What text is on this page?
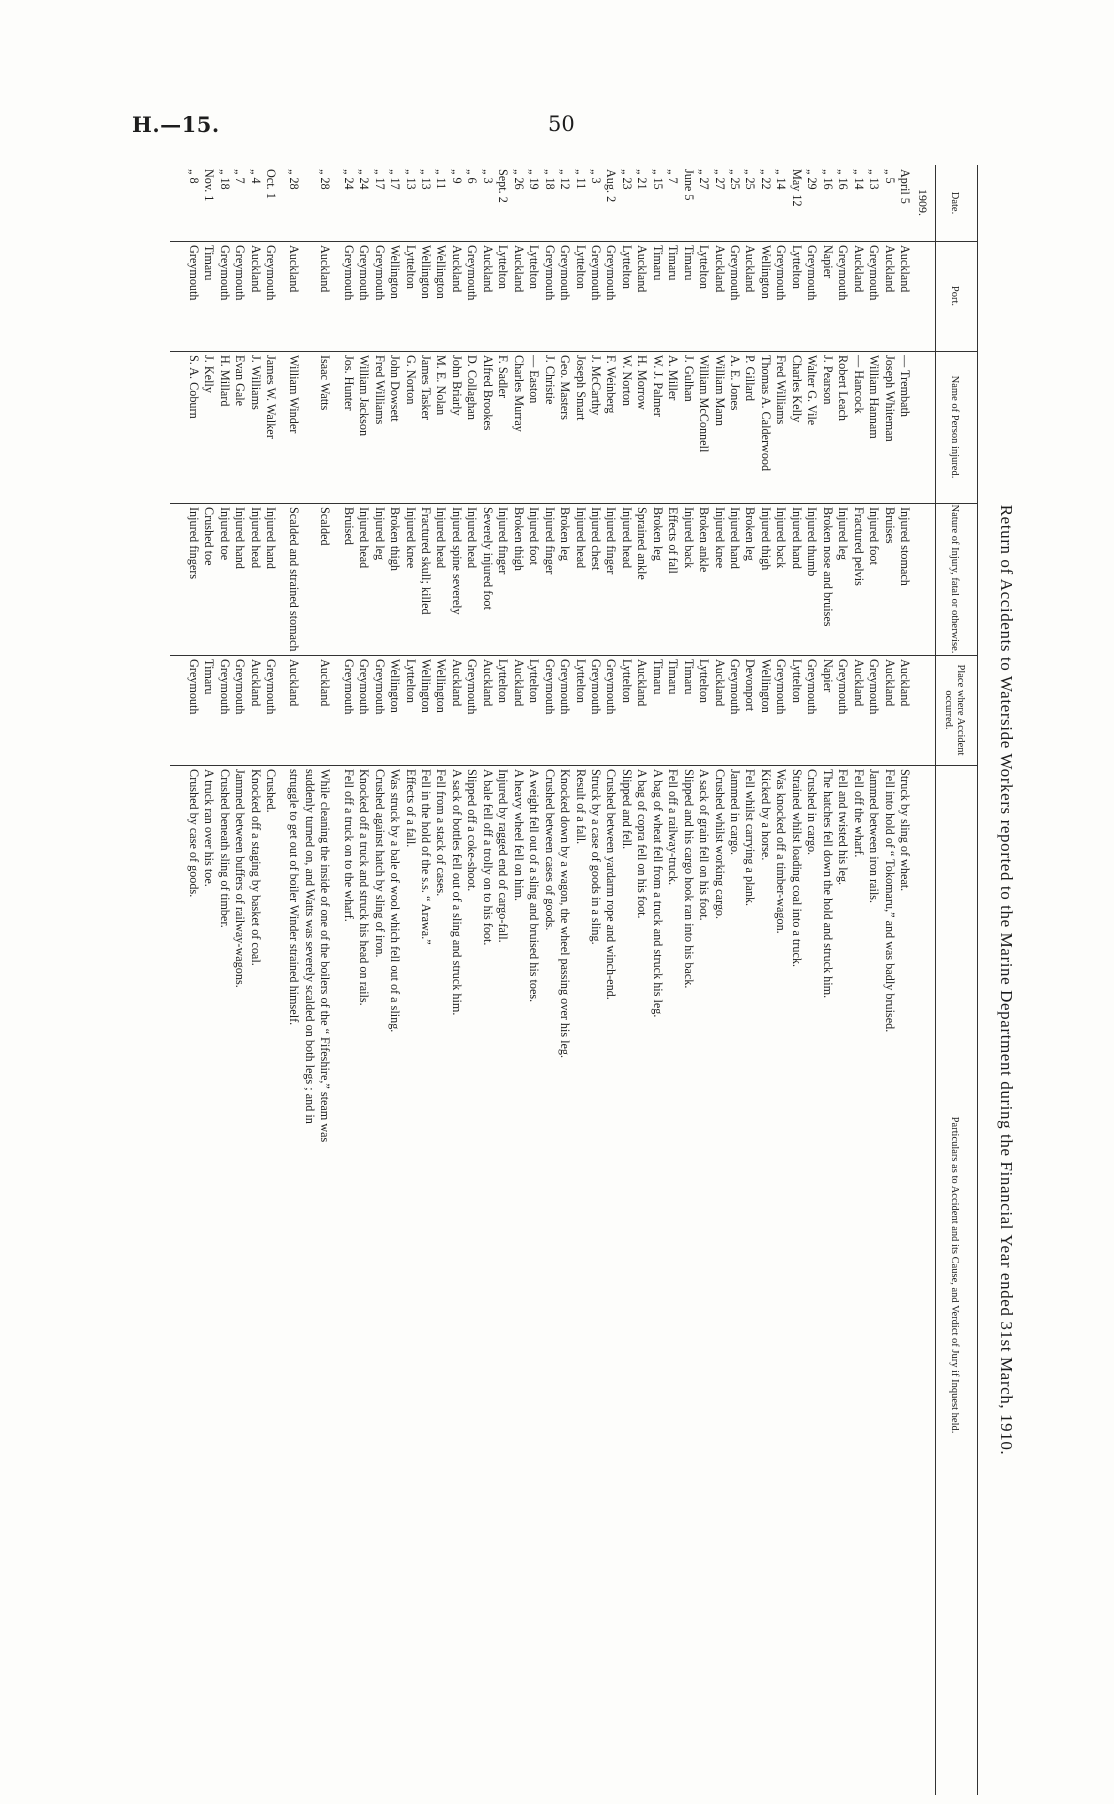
H.—15.	50
Return of Accidents to Waterside Workers reported to the Marine Department during the Financial Year ended 31st March, 1910.
Date.
Port.
Name of Person injured.
Nature of Injury, fatal or otherwise.
Place where Accident occurred.
Particulars as to Accident and its Cause, and Verdict of Jury if Inquest held.
1909.
April 5
Auckland
— Trembath
Injured stomach
Auckland
Struck by sling of wheat.
„ 5
Auckland
Joseph Whiteman
Bruises
Auckland
Fell into hold of “ Tokomaru,” and was badly bruised.
„ 13
Greymouth
William Hannam
Injured foot
Greymouth
Jammed between iron rails.
„ 14
Auckland
— Hancock
Fractured pelvis
Auckland
Fell off the wharf.
„ 16
Greymouth
Robert Leach
Injured leg
Greymouth
Fell and twisted his leg.
„ 16
Napier
J. Pearson
Broken nose and bruises
Napier
The hatches fell down the hold and struck him.
„ 29
Greymouth
Walter G. Vile
Injured thumb
Greymouth
Crushed in cargo.
May 12
Lyttelton
Charles Kelly
Injured hand
Lyttelton
Strained whilst loading coal into a truck.
„ 14
Greymouth
Fred Williams
Injured back
Greymouth
Was knocked off a timber-wagon.
„ 22
Wellington
Thomas A. Calderwood
Injured thigh
Wellington
Kicked by a horse.
„ 25
Auckland
P. Gillard
Broken leg
Devonport
Fell whilst carrying a plank.
„ 25
Greymouth
A. E. Jones
Injured hand
Greymouth
Jammed in cargo.
„ 27
Auckland
William Mann
Injured knee
Auckland
Crushed whilst working cargo.
„ 27
Lyttelton
William McConnell
Broken ankle
Lyttelton
A sack of grain fell on his foot.
June 5
Timaru
J. Gulhan
Injured back
Timaru
Slipped and his cargo hook ran into his back.
„ 7
Timaru
A. Miller
Effects of fall
Timaru
Fell off a railway-truck.
„ 15
Timaru
W. J. Palmer
Broken leg
Timaru
A bag of wheat fell from a truck and struck his leg.
„ 21
Auckland
H. Morrow
Sprained ankle
Auckland
A bag of copra fell on his foot.
„ 23
Lyttelton
W. Norton
Injured head
Lyttelton
Slipped and fell.
Aug. 2
Greymouth
F. Weinberg
Injured finger
Greymouth
Crushed between yardarm rope and winch-end.
„ 3
Greymouth
J. McCarthy
Injured chest
Greymouth
Struck by a case of goods in a sling.
„ 11
Lyttelton
Joseph Smart
Injured head
Lyttelton
Result of a fall.
„ 12
Greymouth
Geo. Masters
Broken leg
Greymouth
Knocked down by a wagon, the wheel passing over his leg.
„ 18
Greymouth
J. Christie
Injured finger
Greymouth
Crushed between cases of goods.
„ 19
Lyttelton
— Easton
Injured foot
Lyttelton
A weight fell out of a sling and bruised his toes.
„ 26
Auckland
Charles Murray
Broken thigh
Auckland
A heavy wheel fell on him.
Sept. 2
Lyttelton
F. Sadler
Injured finger
Lyttelton
Injured by ragged end of cargo-fall.
„ 3
Auckland
Alfred Brookes
Severely injured foot
Auckland
A bale fell off a trolly on to his foot.
„ 6
Greymouth
D. Collaghan
Injured head
Greymouth
Slipped off a coke-shoot.
„ 9
Auckland
John Briarly
Injured spine severely
Auckland
A sack of bottles fell out of a sling and struck him.
„ 11
Wellington
M. E. Nolan
Injured head
Wellington
Fell from a stack of cases.
„ 13
Wellington
James Tasker
Fractured skull; killed
Wellington
Fell in the hold of the s.s. “ Arawa.”
„ 13
Lyttelton
G. Norton
Injured knee
Lyttelton
Effects of a fall.
„ 17
Wellington
John Dowsett
Broken thigh
Wellington
Was struck by a bale of wool which fell out of a sling.
„ 17
Greymouth
Fred Williams
Injured leg
Greymouth
Crushed against hatch by sling of iron.
„ 24
Greymouth
William Jackson
Injured head
Greymouth
Knocked off a truck and struck his head on rails.
„ 24
Greymouth
Jos. Hunter
Bruised
Greymouth
Fell off a truck on to the wharf.
„ 28
Auckland
Isaac Watts
Scalded
Auckland
While cleaning the inside of one of the boilers of the “ Fifeshire,” steam was
suddenly turned on, and Watts was severely scalded on both legs ; and in
„ 28
Auckland
William Winder
Scalded and strained stomach
Auckland
struggle to get out of boiler Winder strained himself.
Oct. 1
Greymouth
James W. Walker
Injured hand
Greymouth
Crushed.
„ 4
Auckland
J. Williams
Injured head
Auckland
Knocked off a staging by basket of coal.
„ 7
Greymouth
Evan Gale
Injured hand
Greymouth
Jammed between buffers of railway-wagons.
„ 18
Greymouth
H. Millard
Injured toe
Greymouth
Crushed beneath sling of timber.
Nov. 1
Timaru
J. Kelly
Crushed toe
Timaru
A truck ran over his toe.
„ 8
Greymouth
S. A. Coburn
Injured fingers
Greymouth
Crushed by case of goods.
